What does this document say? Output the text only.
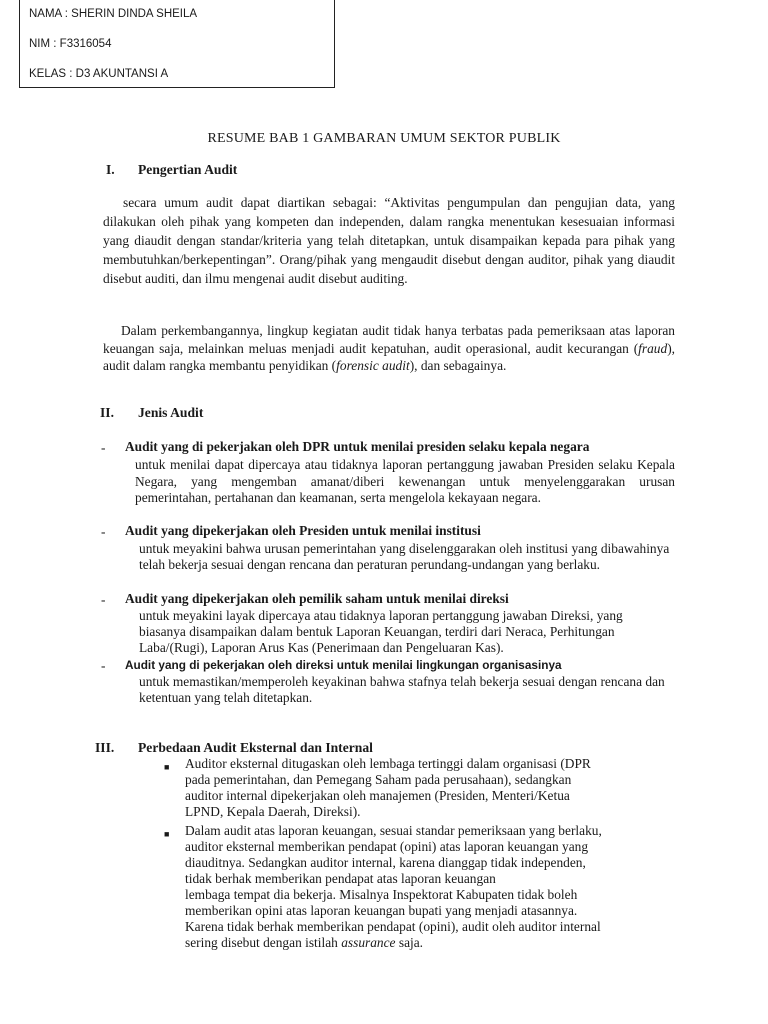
NAMA : SHERIN DINDA SHEILA
NIM : F3316054
KELAS : D3 AKUNTANSI A
RESUME BAB 1 GAMBARAN UMUM SEKTOR PUBLIK
I. Pengertian Audit
secara umum audit dapat diartikan sebagai: “Aktivitas pengumpulan dan pengujian data, yang dilakukan oleh pihak yang kompeten dan independen, dalam rangka menentukan kesesuaian informasi yang diaudit dengan standar/kriteria yang telah ditetapkan, untuk disampaikan kepada para pihak yang membutuhkan/berkepentingan”. Orang/pihak yang mengaudit disebut dengan auditor, pihak yang diaudit disebut auditi, dan ilmu mengenai audit disebut auditing.
Dalam perkembangannya, lingkup kegiatan audit tidak hanya terbatas pada pemeriksaan atas laporan keuangan saja, melainkan meluas menjadi audit kepatuhan, audit operasional, audit kecurangan (fraud), audit dalam rangka membantu penyidikan (forensic audit), dan sebagainya.
II. Jenis Audit
- Audit yang di pekerjakan oleh DPR untuk menilai presiden selaku kepala negara
untuk menilai dapat dipercaya atau tidaknya laporan pertanggung jawaban Presiden selaku Kepala Negara, yang mengemban amanat/diberi kewenangan untuk menyelenggarakan urusan pemerintahan, pertahanan dan keamanan, serta mengelola kekayaan negara.
- Audit yang dipekerjakan oleh Presiden untuk menilai institusi
untuk meyakini bahwa urusan pemerintahan yang diselenggarakan oleh institusi yang dibawahinya telah bekerja sesuai dengan rencana dan peraturan perundang-undangan yang berlaku.
- Audit yang dipekerjakan oleh pemilik saham untuk menilai direksi
untuk meyakini layak dipercaya atau tidaknya laporan pertanggung jawaban Direksi, yang biasanya disampaikan dalam bentuk Laporan Keuangan, terdiri dari Neraca, Perhitungan Laba/(Rugi), Laporan Arus Kas (Penerimaan dan Pengeluaran Kas).
- Audit yang di pekerjakan oleh direksi untuk menilai lingkungan organisasinya
untuk memastikan/memperoleh keyakinan bahwa stafnya telah bekerja sesuai dengan rencana dan ketentuan yang telah ditetapkan.
III. Perbedaan Audit Eksternal dan Internal
■ Auditor eksternal ditugaskan oleh lembaga tertinggi dalam organisasi (DPR
pada pemerintahan, dan Pemegang Saham pada perusahaan), sedangkan
auditor internal dipekerjakan oleh manajemen (Presiden, Menteri/Ketua
LPND, Kepala Daerah, Direksi).
■ Dalam audit atas laporan keuangan, sesuai standar pemeriksaan yang berlaku,
auditor eksternal memberikan pendapat (opini) atas laporan keuangan yang
diauditnya. Sedangkan auditor internal, karena dianggap tidak independen,
tidak berhak memberikan pendapat atas laporan keuangan
lembaga tempat dia bekerja. Misalnya Inspektorat Kabupaten tidak boleh
memberikan opini atas laporan keuangan bupati yang menjadi atasannya.
Karena tidak berhak memberikan pendapat (opini), audit oleh auditor internal
sering disebut dengan istilah assurance saja.
